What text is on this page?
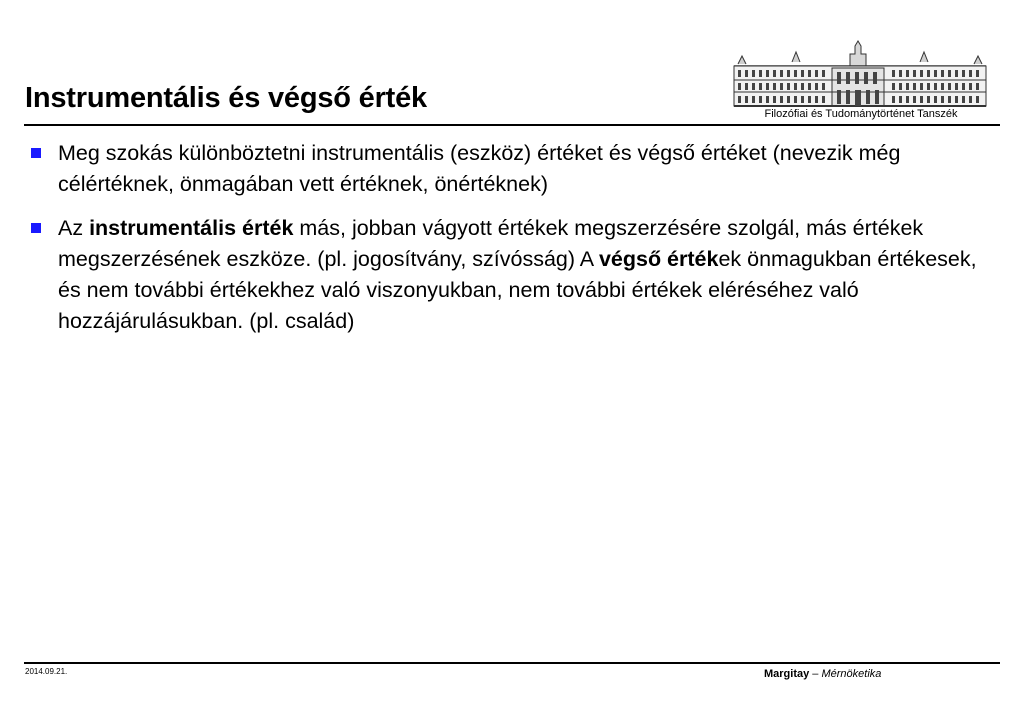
Instrumentális és végső érték	Filozófiai és Tudománytörténet Tanszék
Meg szokás különböztetni instrumentális (eszköz) értéket és végső értéket (nevezik még célértéknek, önmagában vett értéknek, önértéknek)
Az instrumentális érték más, jobban vágyott értékek megszerzésére szolgál, más értékek megszerzésének eszköze. (pl. jogosítvány, szívósság) A végső értékek önmagukban értékesek, és nem további értékekhez való viszonyukban, nem további értékek eléréséhez való hozzájárulásukban. (pl. család)
2014.09.21.	Margitay – Mérnöketika
